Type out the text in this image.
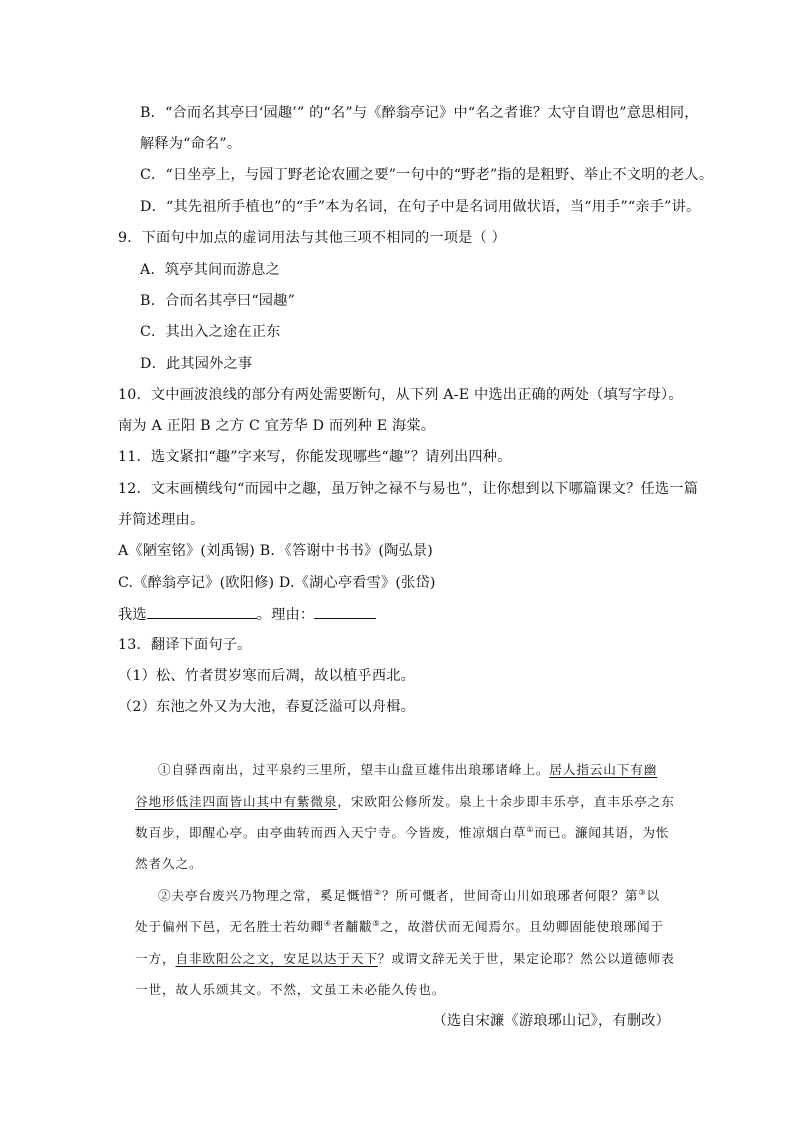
B．“合而名其亭曰‘园趣’” 的“名”与《醉翁亭记》中“名之者谁？太守自谓也”意思相同，
解释为“命名”。
C．“日坐亭上，与园丁野老论农圃之要”一句中的“野老”指的是粗野、举止不文明的老人。
D．“其先祖所手植也”的“手”本为名词，在句子中是名词用做状语，当“用手”“亲手”讲。
9．下面句中加点的虚词用法与其他三项不相同的一项是（ ）
A．筑亭其间而游息之
B．合而名其亭曰“园趣”
C．其出入之途在正东
D．此其园外之事
10．文中画波浪线的部分有两处需要断句，从下列 A-E 中选出正确的两处（填写字母）。
南为 A 正阳 B 之方 C 宜芳华 D 而列种 E 海棠。
11．选文紧扣“趣”字来写，你能发现哪些“趣”？请列出四种。
12．文末画横线句“而园中之趣，虽万钟之禄不与易也”，让你想到以下哪篇课文？任选一篇
并简述理由。
A《陋室铭》(刘禹锡) B．《答谢中书书》(陶弘景)
C.《醉翁亭记》(欧阳修) D.《湖心亭看雪》(张岱)
我选	。理由：
13．翻译下面句子。
（1）松、竹者贯岁寒而后凋，故以植乎西北。
（2）东池之外又为大池，春夏泛溢可以舟楫。
①自驿西南出，过平泉约三里所，望丰山盘亘雄伟出琅琊诸峰上。居人指云山下有幽
谷地形低洼四面皆山其中有紫微泉，宋欧阳公修所发。泉上十余步即丰乐亭，直丰乐亭之东
数百步，即醒心亭。由亭曲转而西入天宁寺。今皆废，惟凉烟白草①而已。濂闻其语，为怅
然者久之。
②夫亭台废兴乃物理之常，奚足慨惜②？所可慨者，世间奇山川如琅琊者何限？第③以
处于偏州下邑，无名胜士若幼卿④者黼黻⑤之，故潜伏而无闻焉尔。且幼卿固能使琅琊闻于
一方，自非欧阳公之文，安足以达于天下？或谓文辞无关于世，果定论耶？然公以道德师表
一世，故人乐颂其文。不然，文虽工未必能久传也。
（选自宋濂《游琅琊山记》，有删改）
